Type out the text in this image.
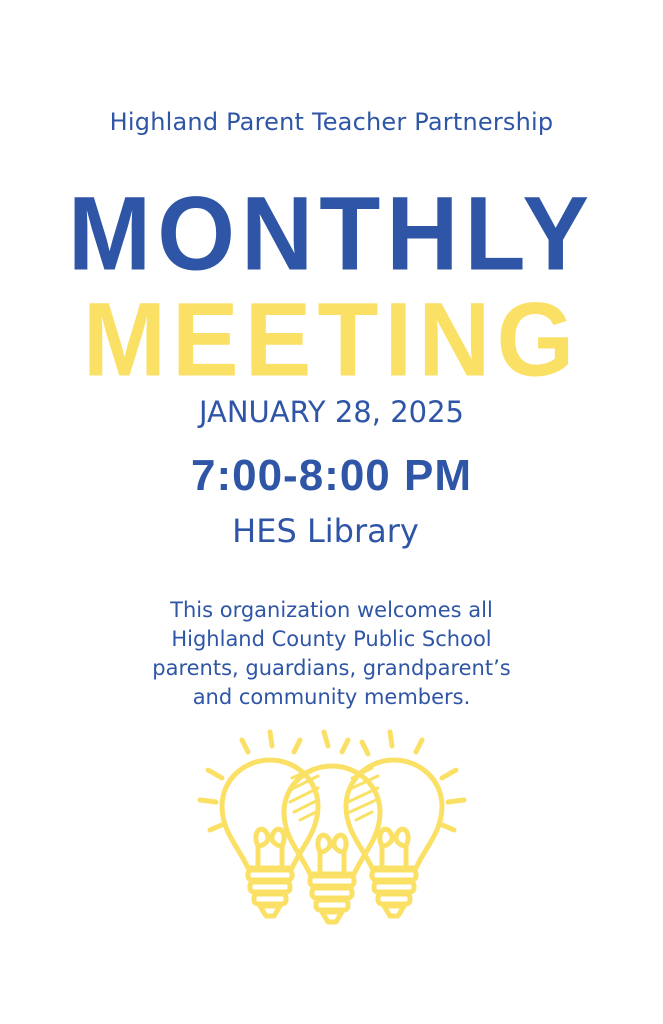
Highland Parent Teacher Partnership
MONTHLY
MEETING
JANUARY 28, 2025
7:00-8:00 PM
HES Library
This organization welcomes all
Highland County Public School
parents, guardians, grandparent’s
and community members.
